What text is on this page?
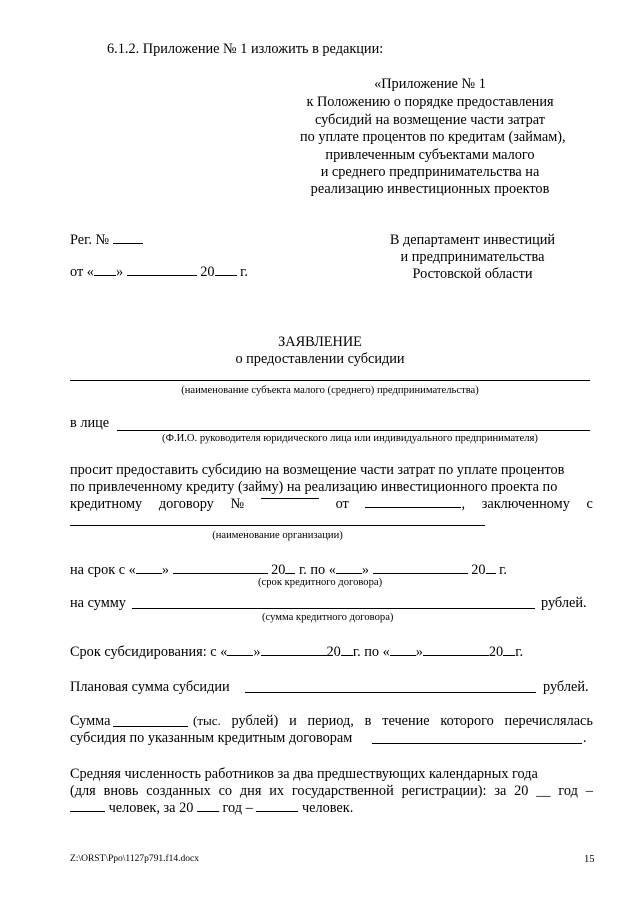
6.1.2. Приложение № 1 изложить в редакции:
«Приложение № 1
к Положению о порядке предоставления
субсидий на возмещение части затрат
по уплате процентов по кредитам (займам),
привлеченным субъектами малого
и среднего предпринимательства на
реализацию инвестиционных проектов
Рег. №
от « »	20 г.
В департамент инвестиций
и предпринимательства
Ростовской области
ЗАЯВЛЕНИЕ
о предоставлении субсидии
(наименование субъекта малого (среднего) предпринимательства)
в лице
(Ф.И.О. руководителя юридического лица или индивидуального предпринимателя)
просит предоставить субсидию на возмещение части затрат по уплате процентов
по привлеченному кредиту (займу) на реализацию инвестиционного проекта по
кредитному договору №	от	, заключенному с
(наименование организации)
на срок с « »	20 г. по « »	20 г.
(срок кредитного договора)
на сумму	рублей.
(сумма кредитного договора)
Срок субсидирования: с « »	20 г. по « »	20 г.
Плановая сумма субсидии	рублей.
Сумма	(тыс. рублей) и период, в течение которого перечислялась
субсидия по указанным кредитным договорам	.
Средняя численность работников за два предшествующих календарных года
(для вновь созданных со дня их государственной регистрации): за 20 __ год –
человек, за 20 год –	человек.
Z:\ORST\Ppo\1127p791.f14.docx	15
